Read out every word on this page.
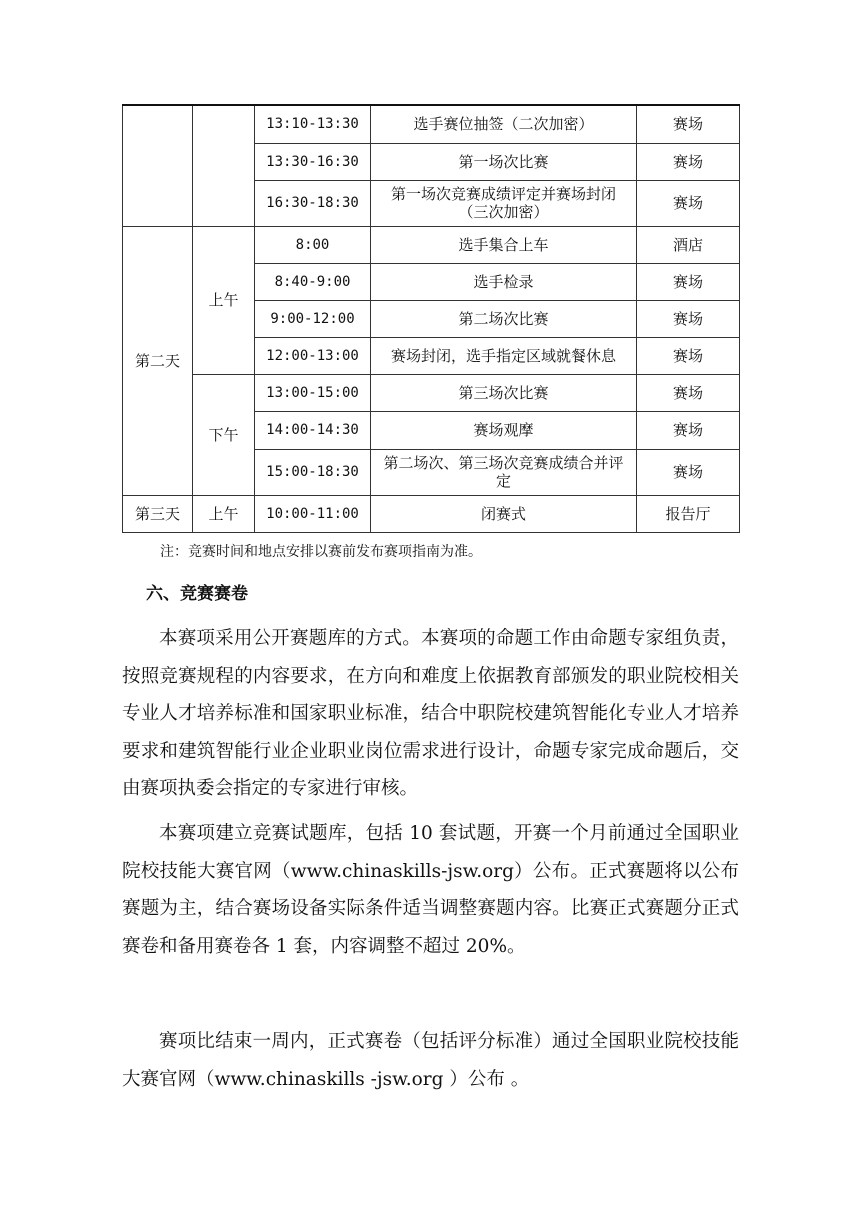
		13:10-13:30	选手赛位抽签（二次加密）	赛场
		13:30-16:30	第一场次比赛	赛场
		16:30-18:30	第一场次竞赛成绩评定并赛场封闭（三次加密）	赛场
第二天	上午	8:00	选手集合上车	酒店
		8:40-9:00	选手检录	赛场
		9:00-12:00	第二场次比赛	赛场
		12:00-13:00	赛场封闭，选手指定区域就餐休息	赛场
	下午	13:00-15:00	第三场次比赛	赛场
		14:00-14:30	赛场观摩	赛场
		15:00-18:30	第二场次、第三场次竞赛成绩合并评定	赛场
第三天	上午	10:00-11:00	闭赛式	报告厅
注：竞赛时间和地点安排以赛前发布赛项指南为准。
六、竞赛赛卷

本赛项采用公开赛题库的方式。本赛项的命题工作由命题专家组负责，按照竞赛规程的内容要求，在方向和难度上依据教育部颁发的职业院校相关专业人才培养标准和国家职业标准，结合中职院校建筑智能化专业人才培养要求和建筑智能行业企业职业岗位需求进行设计，命题专家完成命题后，交由赛项执委会指定的专家进行审核。

本赛项建立竞赛试题库，包括 10 套试题，开赛一个月前通过全国职业院校技能大赛官网（www.chinaskills-jsw.org）公布。正式赛题将以公布赛题为主，结合赛场设备实际条件适当调整赛题内容。比赛正式赛题分正式赛卷和备用赛卷各 1 套，内容调整不超过 20%。

赛项比结束一周内，正式赛卷（包括评分标准）通过全国职业院校技能大赛官网（www.chinaskills -jsw.org ）公布 。
